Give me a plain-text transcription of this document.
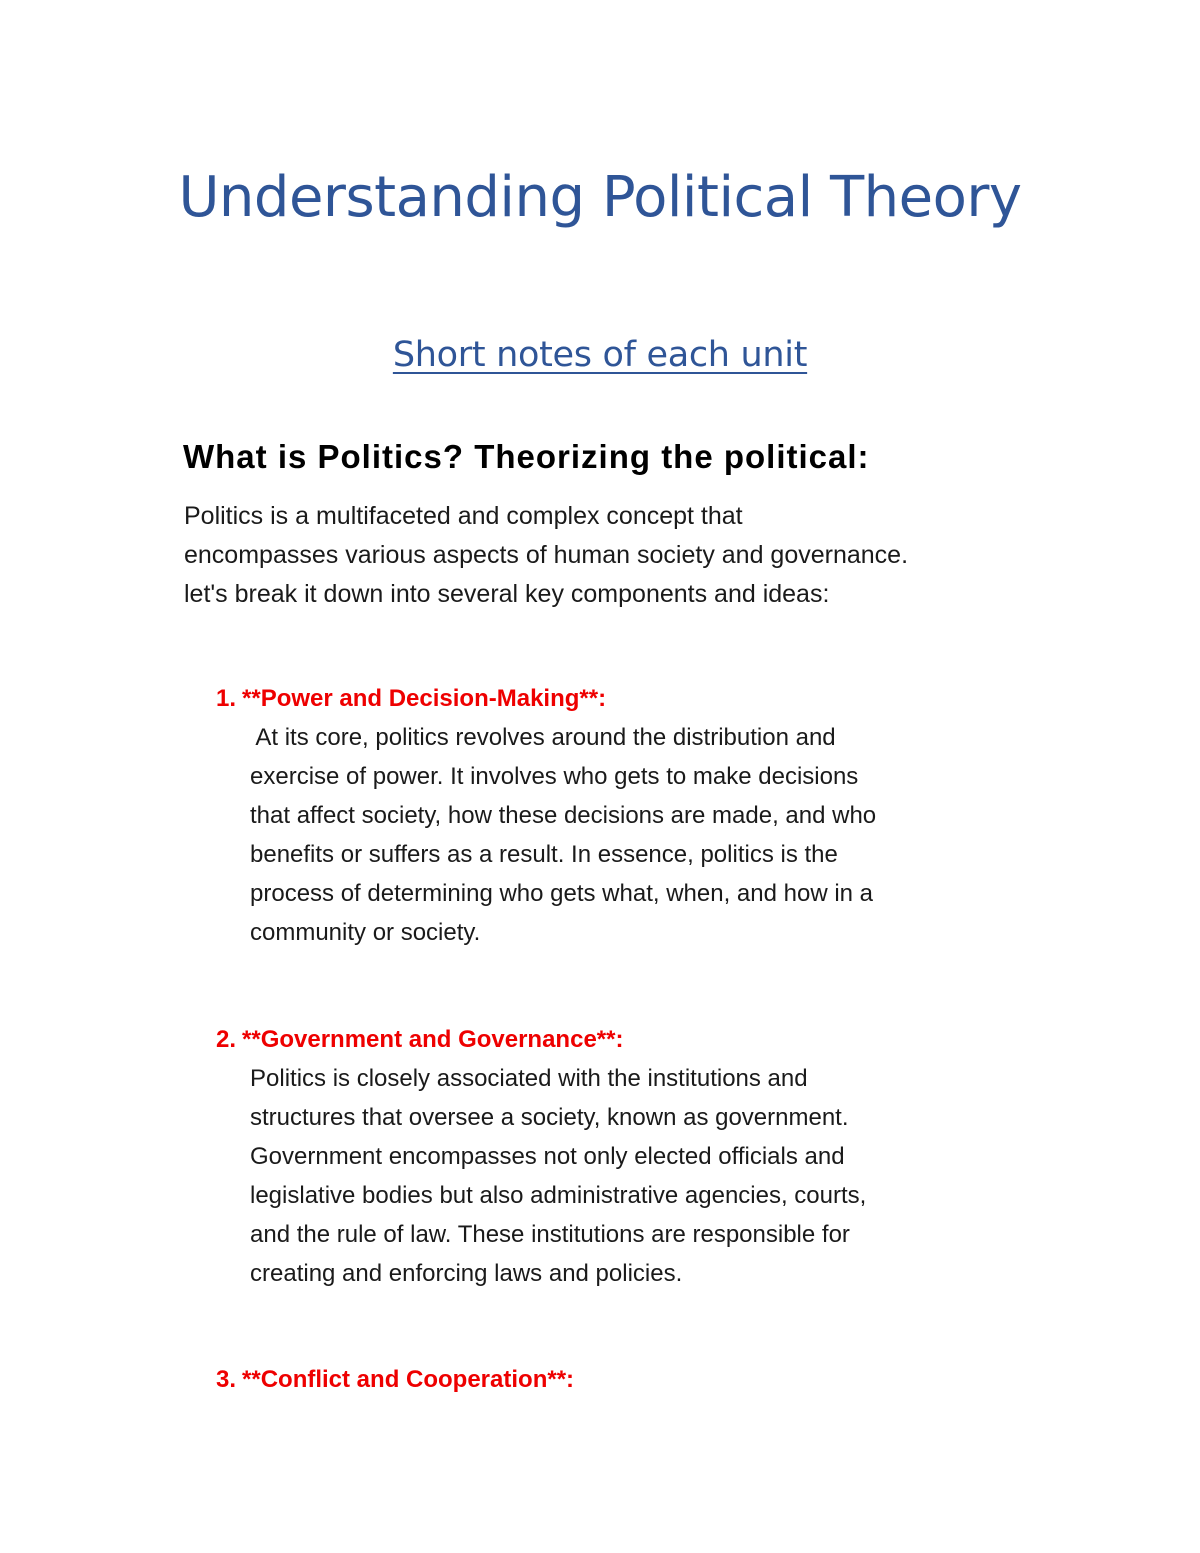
Understanding Political Theory
Short notes of each unit
What is Politics? Theorizing the political:

Politics is a multifaceted and complex concept that
encompasses various aspects of human society and governance.
let's break it down into several key components and ideas:

1. **Power and Decision-Making**:

At its core, politics revolves around the distribution and
exercise of power. It involves who gets to make decisions
that affect society, how these decisions are made, and who
benefits or suffers as a result. In essence, politics is the
process of determining who gets what, when, and how in a
community or society.

2. **Government and Governance**:

Politics is closely associated with the institutions and
structures that oversee a society, known as government.
Government encompasses not only elected officials and
legislative bodies but also administrative agencies, courts,
and the rule of law. These institutions are responsible for
creating and enforcing laws and policies.

3. **Conflict and Cooperation**:
